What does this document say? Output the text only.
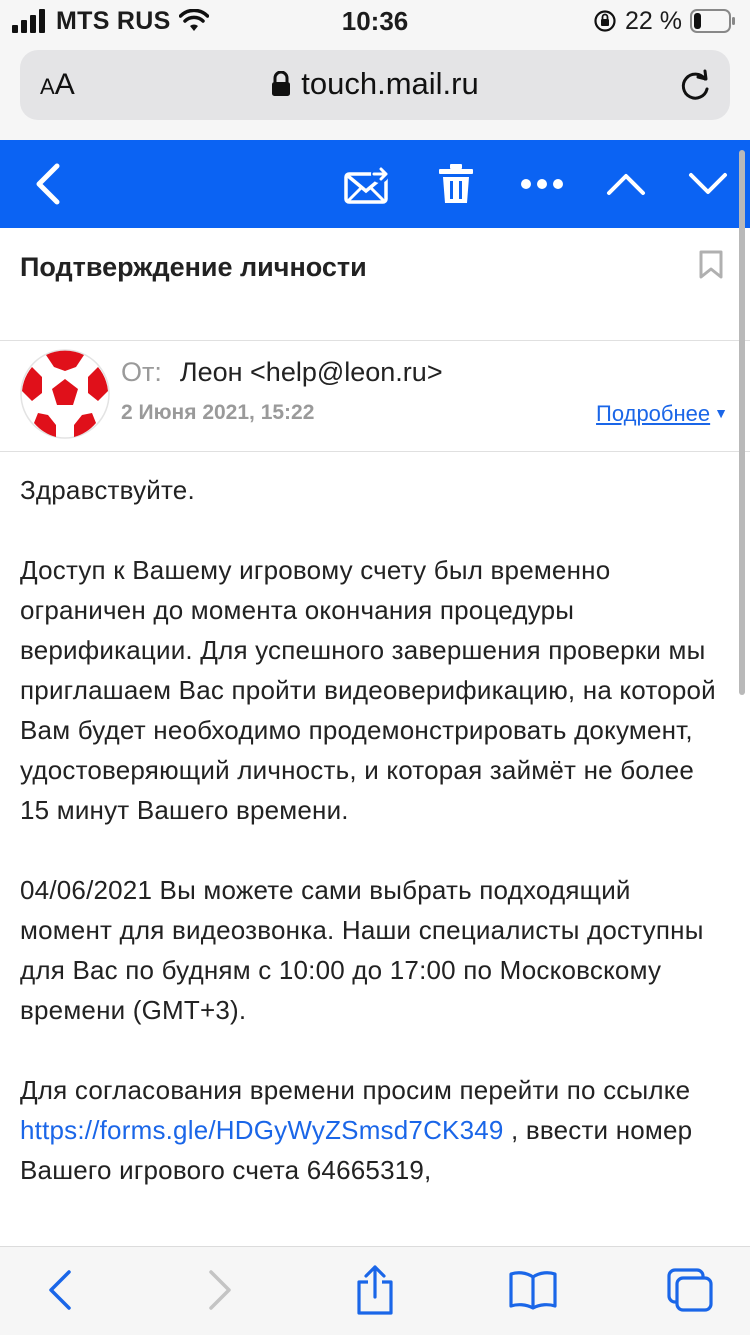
MTS RUS	10:36	22 %
AA	touch.mail.ru
Подтверждение личности
От: Леон <help@leon.ru>
2 Июня 2021, 15:22	Подробнее ▼

Здравствуйте.

Доступ к Вашему игровому счету был временно ограничен до момента окончания процедуры верификации. Для успешного завершения проверки мы приглашаем Вас пройти видеоверификацию, на которой Вам будет необходимо продемонстрировать документ, удостоверяющий личность, и которая займёт не более 15 минут Вашего времени.

04/06/2021 Вы можете сами выбрать подходящий момент для видеозвонка. Наши специалисты доступны для Вас по будням с 10:00 до 17:00 по Московскому времени (GMT+3).

Для согласования времени просим перейти по ссылке https://forms.gle/HDGyWyZSmsd7CK349 , ввести номер Вашего игрового счета 64665319,
